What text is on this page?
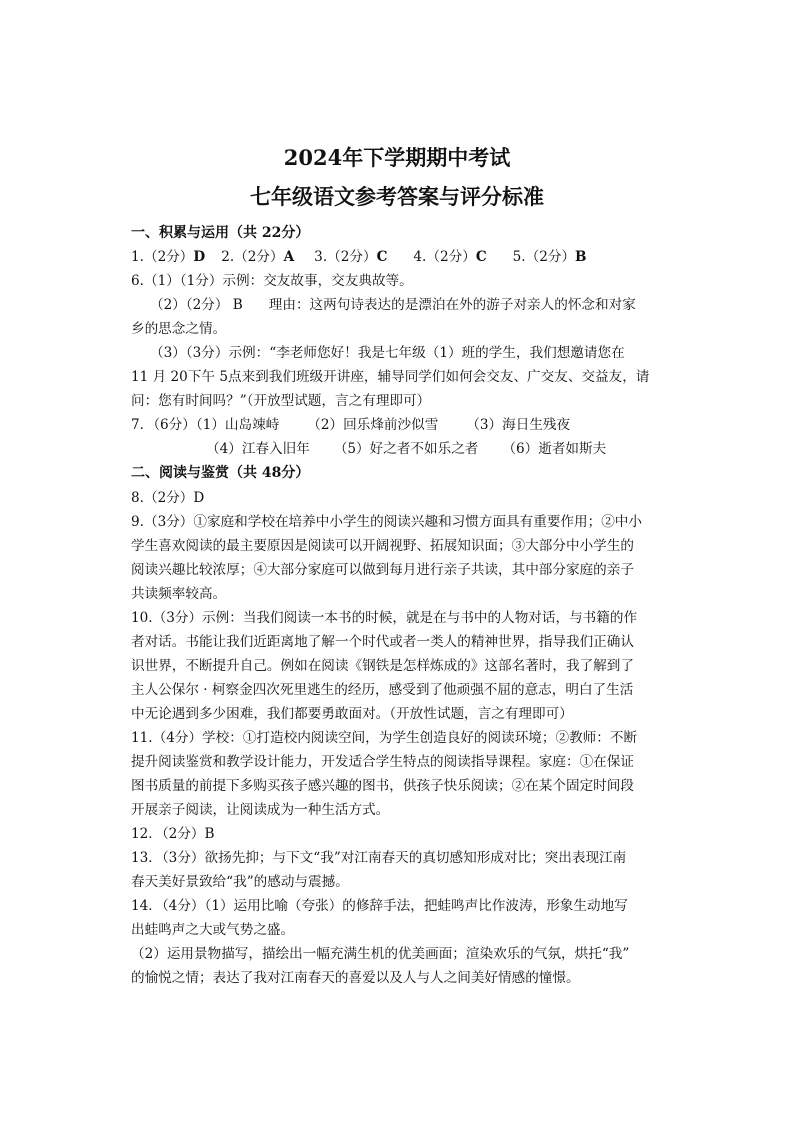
2024年下学期期中考试
七年级语文参考答案与评分标准
一、积累与运用（共 22分）
1.（2分）D 2.（2分）A 3.（2分）C 4.（2分）C 5.（2分）B
6.（1）（1分）示例：交友故事，交友典故等。
（2）（2分） B 理由：这两句诗表达的是漂泊在外的游子对亲人的怀念和对家
乡的思念之情。
（3）（3分）示例：“李老师您好！我是七年级（1）班的学生，我们想邀请您在
11 月 20下午 5点来到我们班级开讲座，辅导同学们如何会交友、广交友、交益友，请
问：您有时间吗？”（开放型试题，言之有理即可）
7．（6分）（1）山岛竦峙 （2）回乐烽前沙似雪 （3）海日生残夜
（4）江春入旧年 （5）好之者不如乐之者 （6）逝者如斯夫
二、阅读与鉴赏（共 48分）
8.（2分）D
9.（3分）①家庭和学校在培养中小学生的阅读兴趣和习惯方面具有重要作用；②中小
学生喜欢阅读的最主要原因是阅读可以开阔视野、拓展知识面；③大部分中小学生的
阅读兴趣比较浓厚；④大部分家庭可以做到每月进行亲子共读，其中部分家庭的亲子
共读频率较高。
10.（3分）示例：当我们阅读一本书的时候，就是在与书中的人物对话，与书籍的作
者对话。书能让我们近距离地了解一个时代或者一类人的精神世界，指导我们正确认
识世界，不断提升自己。例如在阅读《钢铁是怎样炼成的》这部名著时，我了解到了
主人公保尔 · 柯察金四次死里逃生的经历，感受到了他顽强不屈的意志，明白了生活
中无论遇到多少困难，我们都要勇敢面对。（开放性试题，言之有理即可）
11.（4分）学校：①打造校内阅读空间，为学生创造良好的阅读环境；②教师：不断
提升阅读鉴赏和教学设计能力，开发适合学生特点的阅读指导课程。家庭：①在保证
图书质量的前提下多购买孩子感兴趣的图书，供孩子快乐阅读；②在某个固定时间段
开展亲子阅读，让阅读成为一种生活方式。
12．（2分）B
13．（3分）欲扬先抑；与下文“我”对江南春天的真切感知形成对比；突出表现江南
春天美好景致给“我”的感动与震撼。
14．（4分）（1）运用比喻（夸张）的修辞手法，把蛙鸣声比作波涛，形象生动地写
出蛙鸣声之大或气势之盛。
（2）运用景物描写，描绘出一幅充满生机的优美画面；渲染欢乐的气氛，烘托“我”
的愉悦之情；表达了我对江南春天的喜爱以及人与人之间美好情感的憧憬。
